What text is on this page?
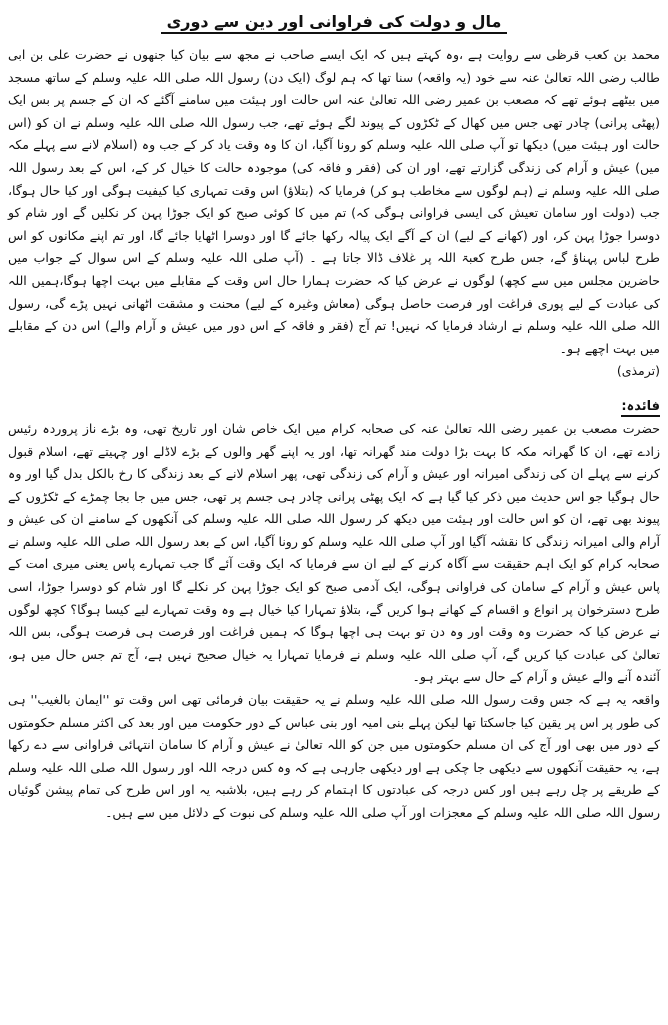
مال و دولت کی فراوانی اور دین سے دوری

محمد بن کعب قرظی سے روایت ہے ،وہ کہتے ہیں کہ ایک ایسے صاحب نے مجھ سے بیان کیا جنھوں نے حضرت علی بن ابی طالب رضی اللہ تعالیٰ عنہ سے خود (یہ واقعہ) سنا تھا کہ ہم لوگ (ایک دن) رسول اللہ صلی اللہ علیہ وسلم کے ساتھ مسجد میں بیٹھے ہوئے تھے کہ مصعب بن عمیر رضی اللہ تعالیٰ عنہ اس حالت اور ہیئت میں سامنے آگئے کہ ان کے جسم پر بس ایک (پھٹی پرانی) چادر تھی جس میں کھال کے ٹکڑوں کے پیوند لگے ہوئے تھے، جب رسول اللہ صلی اللہ علیہ وسلم نے ان کو (اس حالت اور ہیئت میں) دیکھا تو آپ صلی اللہ علیہ وسلم کو رونا آگیا، ان کا وہ وقت یاد کر کے جب وہ (اسلام لانے سے پہلے مکہ میں) عیش و آرام کی زندگی گزارتے تھے، اور ان کی (فقر و فاقہ کی) موجودہ حالت کا خیال کر کے، اس کے بعد رسول اللہ صلی اللہ علیہ وسلم نے (ہم لوگوں سے مخاطب ہو کر) فرمایا کہ (بتلاؤ) اس وقت تمہاری کیا کیفیت ہوگی اور کیا حال ہوگا، جب (دولت اور سامان تعیش کی ایسی فراوانی ہوگی کہ) تم میں کا کوئی صبح کو ایک جوڑا پہن کر نکلیں گے اور شام کو دوسرا جوڑا پہن کر، اور (کھانے کے لیے) ان کے آگے ایک پیالہ رکھا جائے گا اور دوسرا اٹھایا جائے گا، اور تم اپنے مکانوں کو اس طرح لباس پہناؤ گے، جس طرح کعبۃ اللہ پر غلاف ڈالا جاتا ہے ۔ (آپ صلی اللہ علیہ وسلم کے اس سوال کے جواب میں حاضرین مجلس میں سے کچھ) لوگوں نے عرض کیا کہ حضرت ہمارا حال اس وقت کے مقابلے میں بہت اچھا ہوگا،ہمیں اللہ کی عبادت کے لیے پوری فراغت اور فرصت حاصل ہوگی (معاش وغیرہ کے لیے) محنت و مشقت اٹھانی نہیں پڑے گی، رسول اللہ صلی اللہ علیہ وسلم نے ارشاد فرمایا کہ نہیں! تم آج (فقر و فاقہ کے اس دور میں عیش و آرام والے) اس دن کے مقابلے میں بہت اچھے ہو۔

(ترمذی)

فائدہ:

حضرت مصعب بن عمیر رضی اللہ تعالیٰ عنہ کی صحابہ کرام میں ایک خاص شان اور تاریخ تھی، وہ بڑے ناز پروردہ رئیس زادے تھے، ان کا گھرانہ مکہ کا بہت بڑا دولت مند گھرانہ تھا، اور یہ اپنے گھر والوں کے بڑے لاڈلے اور چہیتے تھے، اسلام قبول کرنے سے پہلے ان کی زندگی امیرانہ اور عیش و آرام کی زندگی تھی، پھر اسلام لانے کے بعد زندگی کا رخ بالکل بدل گیا اور وہ حال ہوگیا جو اس حدیث میں ذکر کیا گیا ہے کہ ایک پھٹی پرانی چادر ہی جسم پر تھی، جس میں جا بجا چمڑے کے ٹکڑوں کے پیوند بھی تھے، ان کو اس حالت اور ہیئت میں دیکھ کر رسول اللہ صلی اللہ علیہ وسلم کی آنکھوں کے سامنے ان کی عیش و آرام والی امیرانہ زندگی کا نقشہ آگیا اور آپ صلی اللہ علیہ وسلم کو رونا آگیا، اس کے بعد رسول اللہ صلی اللہ علیہ وسلم نے صحابہ کرام کو ایک اہم حقیقت سے آگاہ کرنے کے لیے ان سے فرمایا کہ ایک وقت آئے گا جب تمہارے پاس یعنی میری امت کے پاس عیش و آرام کے سامان کی فراوانی ہوگی، ایک آدمی صبح کو ایک جوڑا پہن کر نکلے گا اور شام کو دوسرا جوڑا، اسی طرح دسترخوان پر انواع و اقسام کے کھانے ہوا کریں گے، بتلاؤ تمہارا کیا خیال ہے وہ وقت تمہارے لیے کیسا ہوگا؟ کچھ لوگوں نے عرض کیا کہ حضرت وہ وقت اور وہ دن تو بہت ہی اچھا ہوگا کہ ہمیں فراغت اور فرصت ہی فرصت ہوگی، بس اللہ تعالیٰ کی عبادت کیا کریں گے، آپ صلی اللہ علیہ وسلم نے فرمایا تمہارا یہ خیال صحیح نہیں ہے، آج تم جس حال میں ہو، آئندہ آنے والے عیش و آرام کے حال سے بہتر ہو۔

واقعہ یہ ہے کہ جس وقت رسول اللہ صلی اللہ علیہ وسلم نے یہ حقیقت بیان فرمائی تھی اس وقت تو ''ایمان بالغیب'' ہی کی طور پر اس پر یقین کیا جاسکتا تھا لیکن پہلے بنی امیہ اور بنی عباس کے دور حکومت میں اور بعد کی اکثر مسلم حکومتوں کے دور میں بھی اور آج کی ان مسلم حکومتوں میں جن کو اللہ تعالیٰ نے عیش و آرام کا سامان انتہائی فراوانی سے دے رکھا ہے، یہ حقیقت آنکھوں سے دیکھی جا چکی ہے اور دیکھی جارہی ہے کہ وہ کس درجہ اللہ اور رسول اللہ صلی اللہ علیہ وسلم کے طریقے پر چل رہے ہیں اور کس درجہ کی عبادتوں کا اہتمام کر رہے ہیں، بلاشبہ یہ اور اس طرح کی تمام پیشن گوئیاں رسول اللہ صلی اللہ علیہ وسلم کے معجزات اور آپ صلی اللہ علیہ وسلم کی نبوت کے دلائل میں سے ہیں۔
